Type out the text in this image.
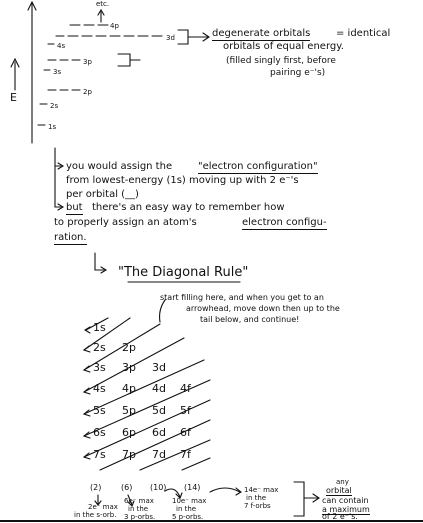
etc.
E
4p
3d
4s
3p
3s
2p
2s
1s
degenerate orbitals	= identical
orbitals of equal energy.
(filled singly first, before
pairing e⁻'s)
you would assign the	"electron configuration"
from lowest-energy (1s) moving up with 2 e⁻'s
per orbital (__)
but there's an easy way to remember how
to properly assign an atom's	electron configu-
ration.
"The Diagonal Rule"
start filling here, and when you get to an
arrowhead, move down then up to the
tail below, and continue!
1s
2s 2p
3s 3p 3d
4s 4p 4d 4f
5s 5p 5d 5f
6s 6p 6d 6f
7s 7p 7d 7f
(2) (6) (10) (14)
2e⁻ max
in the s-orb.
6e⁻ max
in the
3 p-orbs.
10e⁻ max
in the
5 p-orbs.
14e⁻ max
in the
7 f-orbs
any
orbital
can contain
a maximum
of 2 e⁻'s.
